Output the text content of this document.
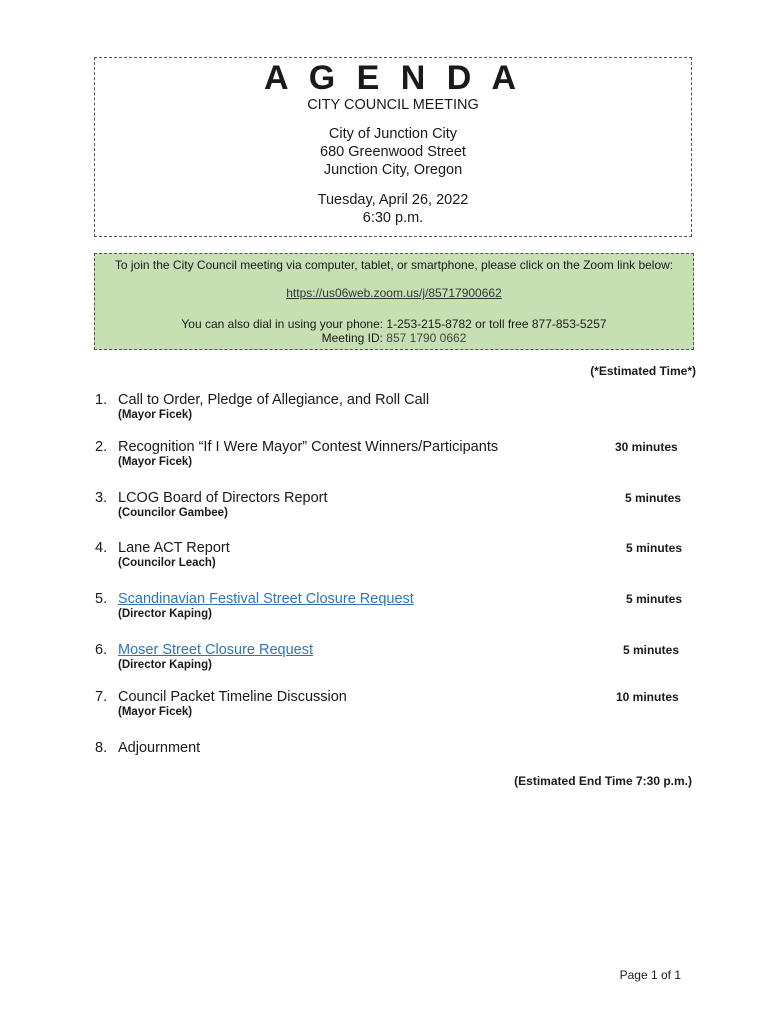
A G E N D A
CITY COUNCIL MEETING
City of Junction City
680 Greenwood Street
Junction City, Oregon
Tuesday, April 26, 2022
6:30 p.m.
To join the City Council meeting via computer, tablet, or smartphone, please click on the Zoom link below:
https://us06web.zoom.us/j/85717900662
You can also dial in using your phone: 1-253-215-8782 or toll free 877-853-5257
Meeting ID: 857 1790 0662
(*Estimated Time*)
1. Call to Order, Pledge of Allegiance, and Roll Call
(Mayor Ficek)
2. Recognition “If I Were Mayor” Contest Winners/Participants
(Mayor Ficek)
30 minutes
3. LCOG Board of Directors Report
(Councilor Gambee)
5 minutes
4. Lane ACT Report
(Councilor Leach)
5 minutes
5. Scandinavian Festival Street Closure Request
(Director Kaping)
5 minutes
6. Moser Street Closure Request
(Director Kaping)
5 minutes
7. Council Packet Timeline Discussion
(Mayor Ficek)
10 minutes
8. Adjournment
(Estimated End Time 7:30 p.m.)
Page 1 of 1
